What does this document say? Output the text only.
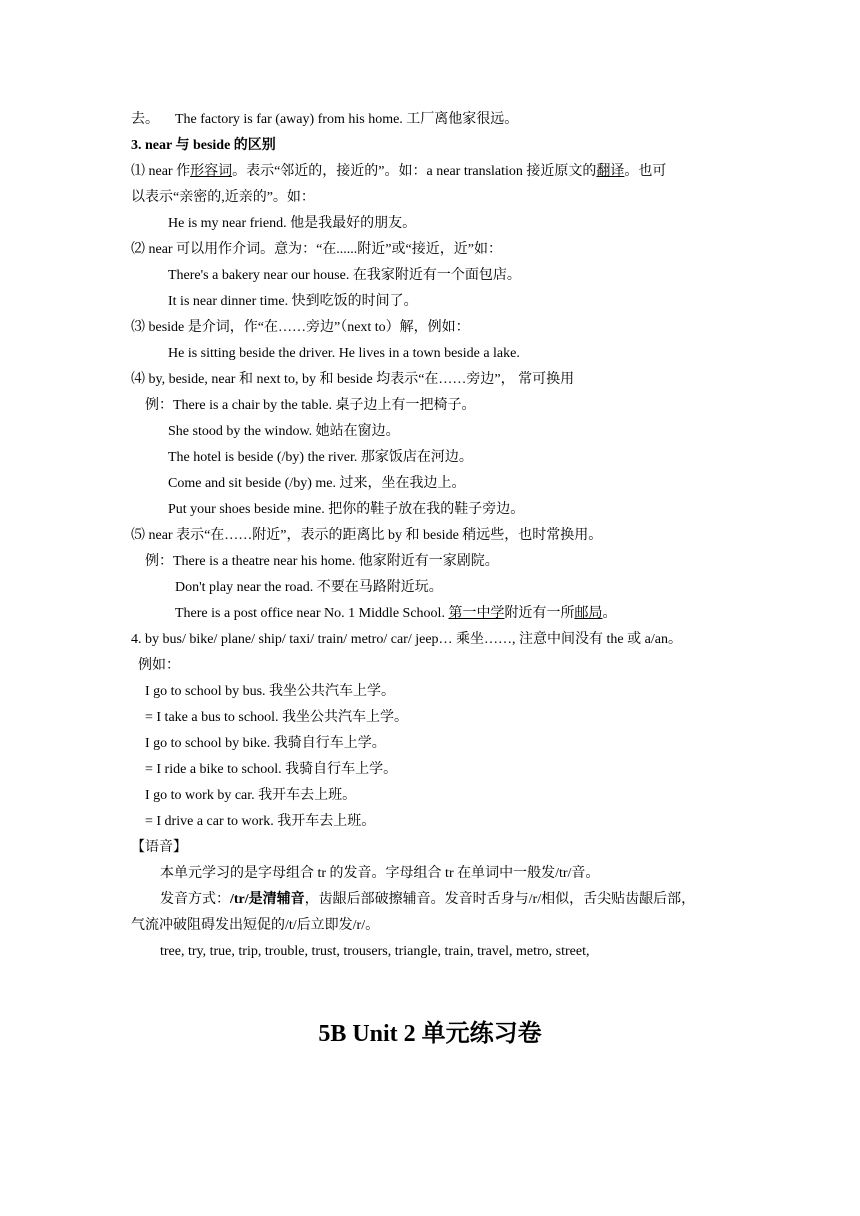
去。 The factory is far (away) from his home. 工厂离他家很远。
3. near 与 beside 的区别
⑴ near 作形容词。表示“邻近的，接近的”。如：a near translation 接近原文的翻译。也可
以表示“亲密的,近亲的”。如：
He is my near friend. 他是我最好的朋友。
⑵ near 可以用作介词。意为：“在......附近”或“接近，近”如：
There's a bakery near our house. 在我家附近有一个面包店。
It is near dinner time. 快到吃饭的时间了。
⑶ beside 是介词，作“在……旁边”（next to）解，例如：
He is sitting beside the driver. He lives in a town beside a lake.
⑷ by, beside, near 和 next to, by 和 beside 均表示“在……旁边”， 常可换用
例：There is a chair by the table. 桌子边上有一把椅子。
She stood by the window. 她站在窗边。
The hotel is beside (/by) the river. 那家饭店在河边。
Come and sit beside (/by) me. 过来，坐在我边上。
Put your shoes beside mine. 把你的鞋子放在我的鞋子旁边。
⑸ near 表示“在……附近”，表示的距离比 by 和 beside 稍远些，也时常换用。
例：There is a theatre near his home. 他家附近有一家剧院。
Don't play near the road. 不要在马路附近玩。
There is a post office near No. 1 Middle School. 第一中学附近有一所邮局。
4. by bus/ bike/ plane/ ship/ taxi/ train/ metro/ car/ jeep… 乘坐……, 注意中间没有 the 或 a/an。
例如：
I go to school by bus. 我坐公共汽车上学。
= I take a bus to school. 我坐公共汽车上学。
I go to school by bike. 我骑自行车上学。
= I ride a bike to school. 我骑自行车上学。
I go to work by car. 我开车去上班。
= I drive a car to work. 我开车去上班。
【语音】
本单元学习的是字母组合 tr 的发音。字母组合 tr 在单词中一般发/tr/音。
发音方式：/tr/是清辅音，齿龈后部破擦辅音。发音时舌身与/r/相似，舌尖贴齿龈后部，
气流冲破阻碍发出短促的/t/后立即发/r/。
tree, try, true, trip, trouble, trust, trousers, triangle, train, travel, metro, street,
5B Unit 2 单元练习卷
